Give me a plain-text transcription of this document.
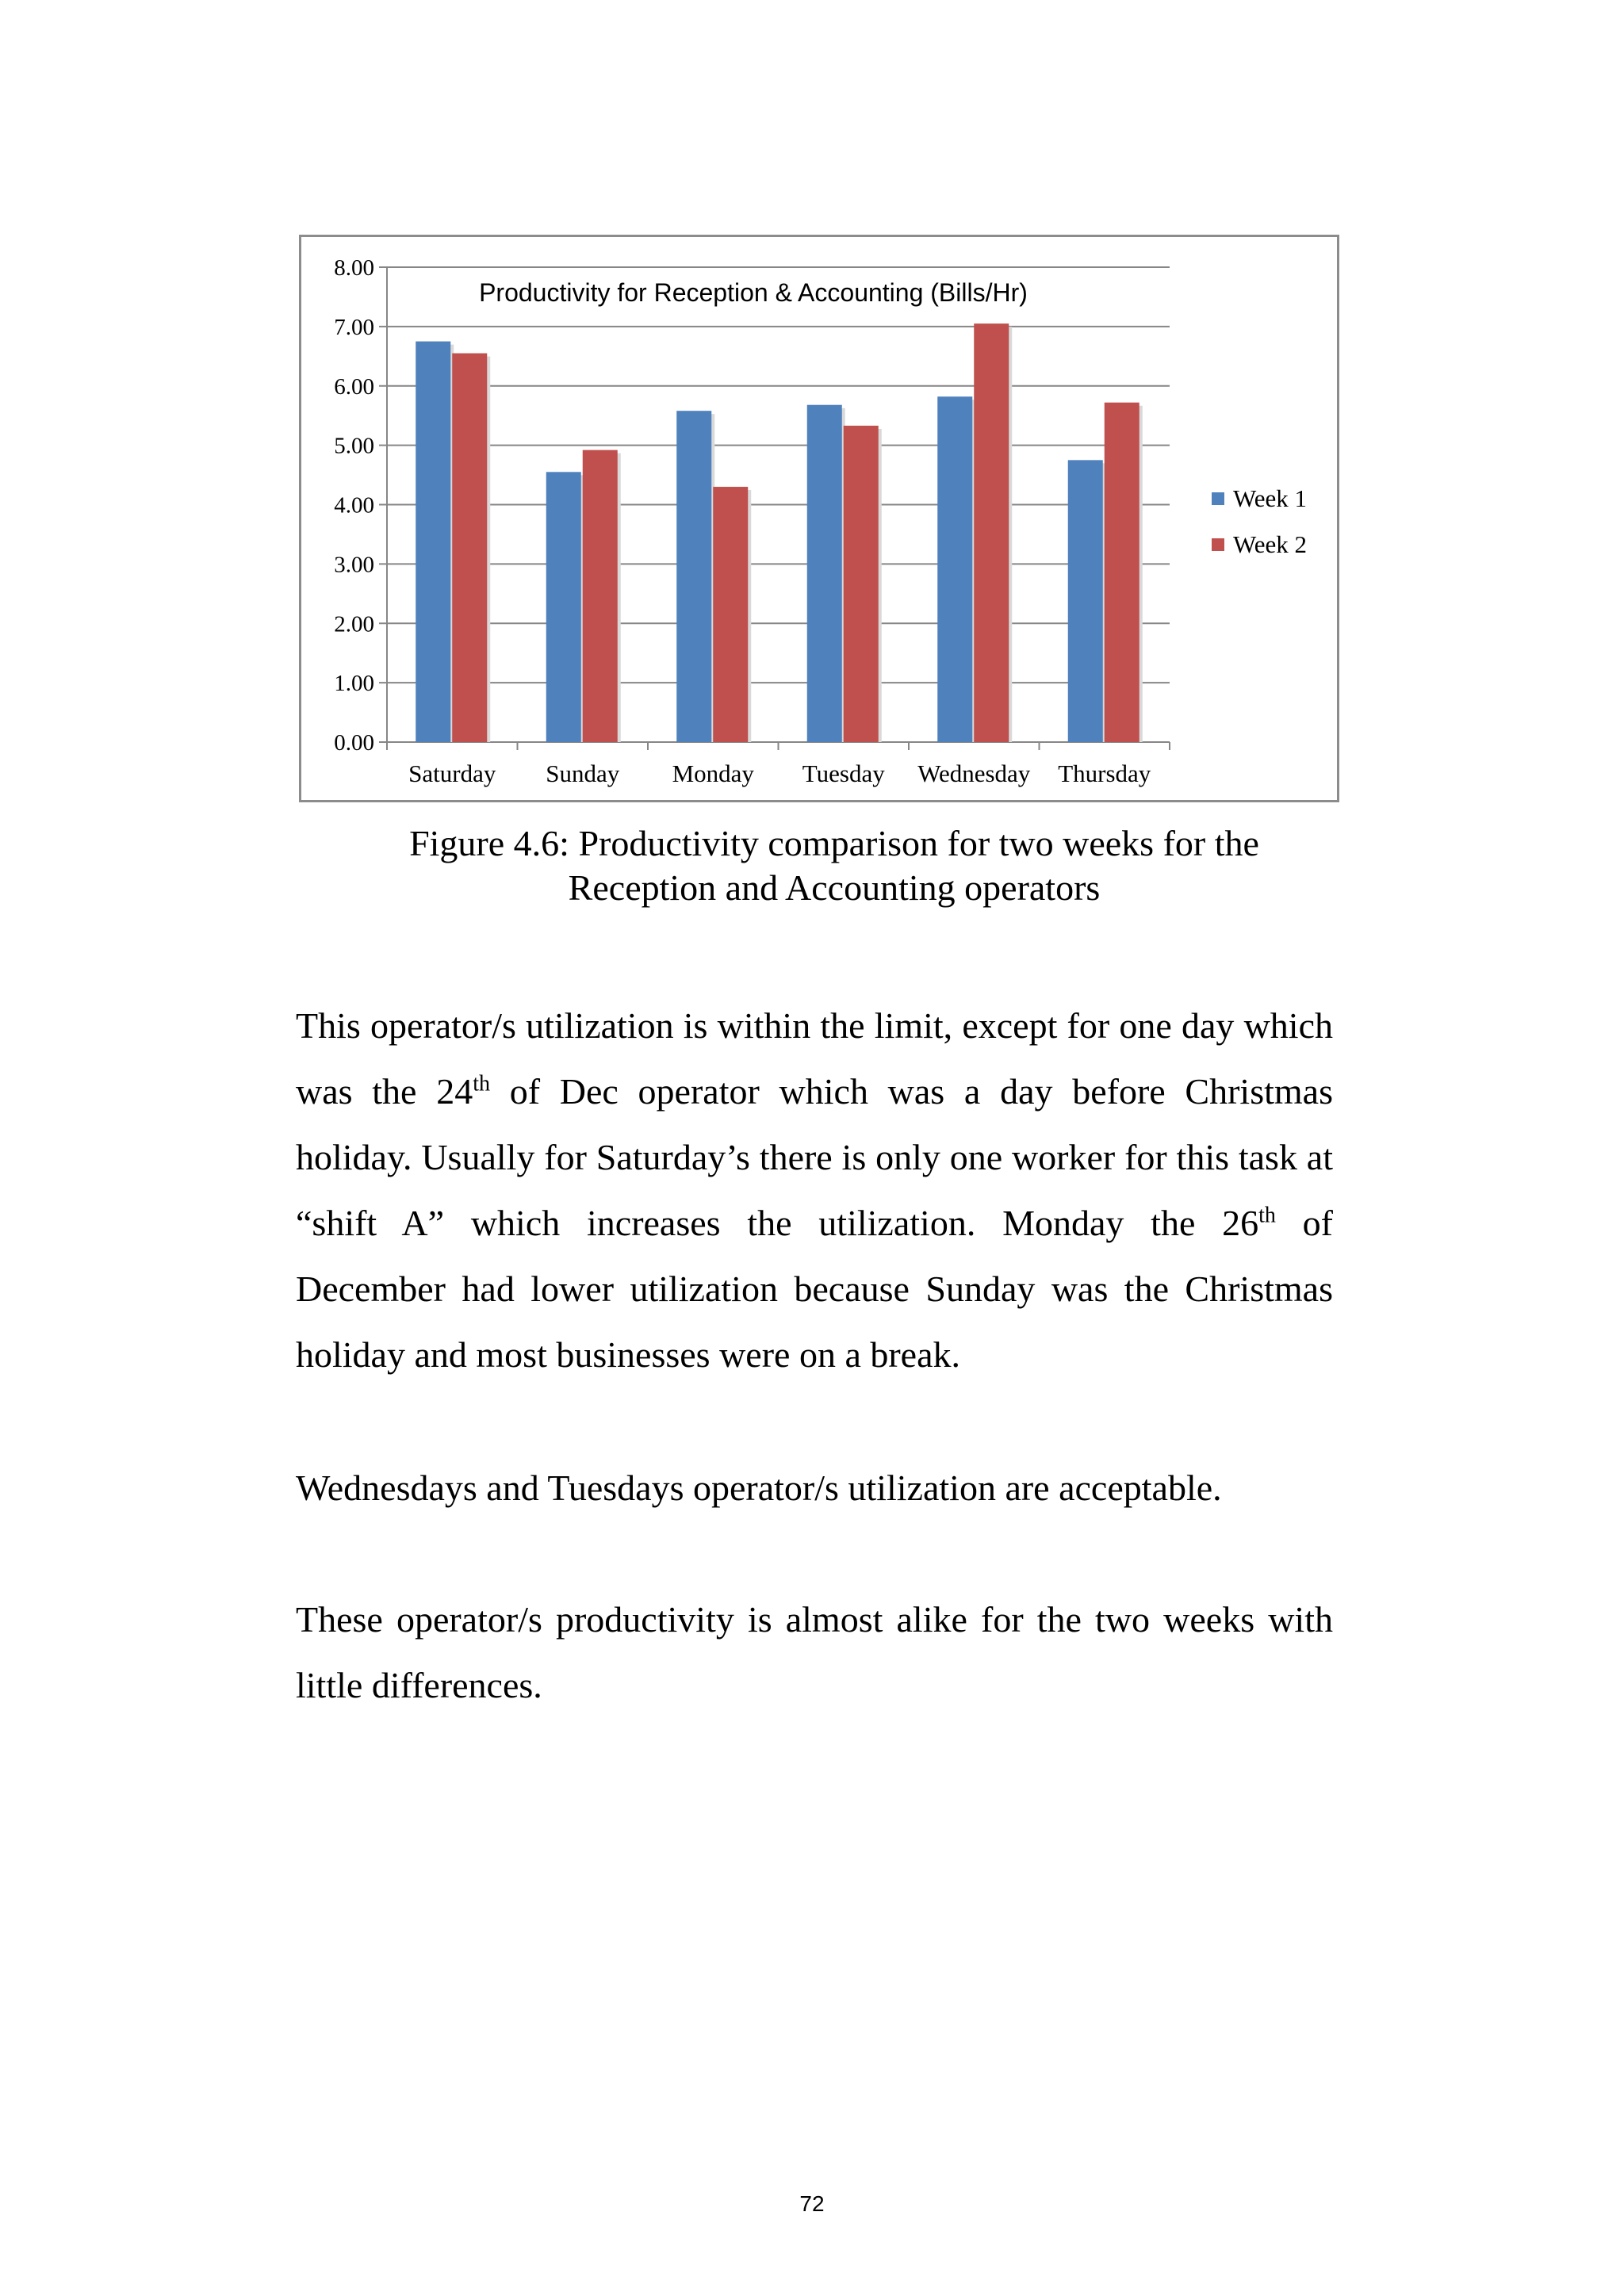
0.00
1.00
2.00
3.00
4.00
5.00
6.00
7.00
8.00
Saturday Sunday Monday Tuesday Wednesday Thursday
Productivity for Reception & Accounting (Bills/Hr)
Week 1
Week 2
Figure 4.6: Productivity comparison for two weeks for the
Reception and Accounting operators
This operator/s utilization is within the limit, except for one day which was the 24th of Dec operator which was a day before Christmas holiday. Usually for Saturday’s there is only one worker for this task at “shift A” which increases the utilization. Monday the 26th of December had lower utilization because Sunday was the Christmas holiday and most businesses were on a break.
Wednesdays and Tuesdays operator/s utilization are acceptable.
These operator/s productivity is almost alike for the two weeks with little differences.
72
